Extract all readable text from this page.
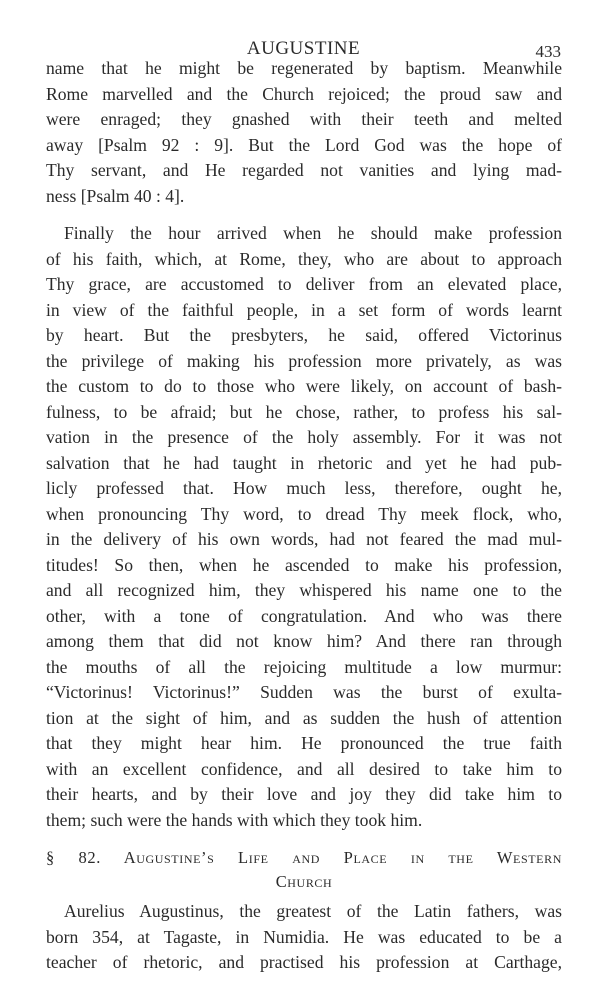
AUGUSTINE	433
name that he might be regenerated by baptism. Meanwhile
Rome marvelled and the Church rejoiced; the proud saw and
were enraged; they gnashed with their teeth and melted
away [Psalm 92 : 9]. But the Lord God was the hope of
Thy servant, and He regarded not vanities and lying mad-
ness [Psalm 40 : 4].
Finally the hour arrived when he should make profession
of his faith, which, at Rome, they, who are about to approach
Thy grace, are accustomed to deliver from an elevated place,
in view of the faithful people, in a set form of words learnt
by heart. But the presbyters, he said, offered Victorinus
the privilege of making his profession more privately, as was
the custom to do to those who were likely, on account of bash-
fulness, to be afraid; but he chose, rather, to profess his sal-
vation in the presence of the holy assembly. For it was not
salvation that he had taught in rhetoric and yet he had pub-
licly professed that. How much less, therefore, ought he,
when pronouncing Thy word, to dread Thy meek flock, who,
in the delivery of his own words, had not feared the mad mul-
titudes! So then, when he ascended to make his profession,
and all recognized him, they whispered his name one to the
other, with a tone of congratulation. And who was there
among them that did not know him? And there ran through
the mouths of all the rejoicing multitude a low murmur:
“Victorinus! Victorinus!” Sudden was the burst of exulta-
tion at the sight of him, and as sudden the hush of attention
that they might hear him. He pronounced the true faith
with an excellent confidence, and all desired to take him to
their hearts, and by their love and joy they did take him to
them; such were the hands with which they took him.
§ 82. Augustine’s Life and Place in the Western
Church
Aurelius Augustinus, the greatest of the Latin fathers, was
born 354, at Tagaste, in Numidia. He was educated to be a
teacher of rhetoric, and practised his profession at Carthage,
